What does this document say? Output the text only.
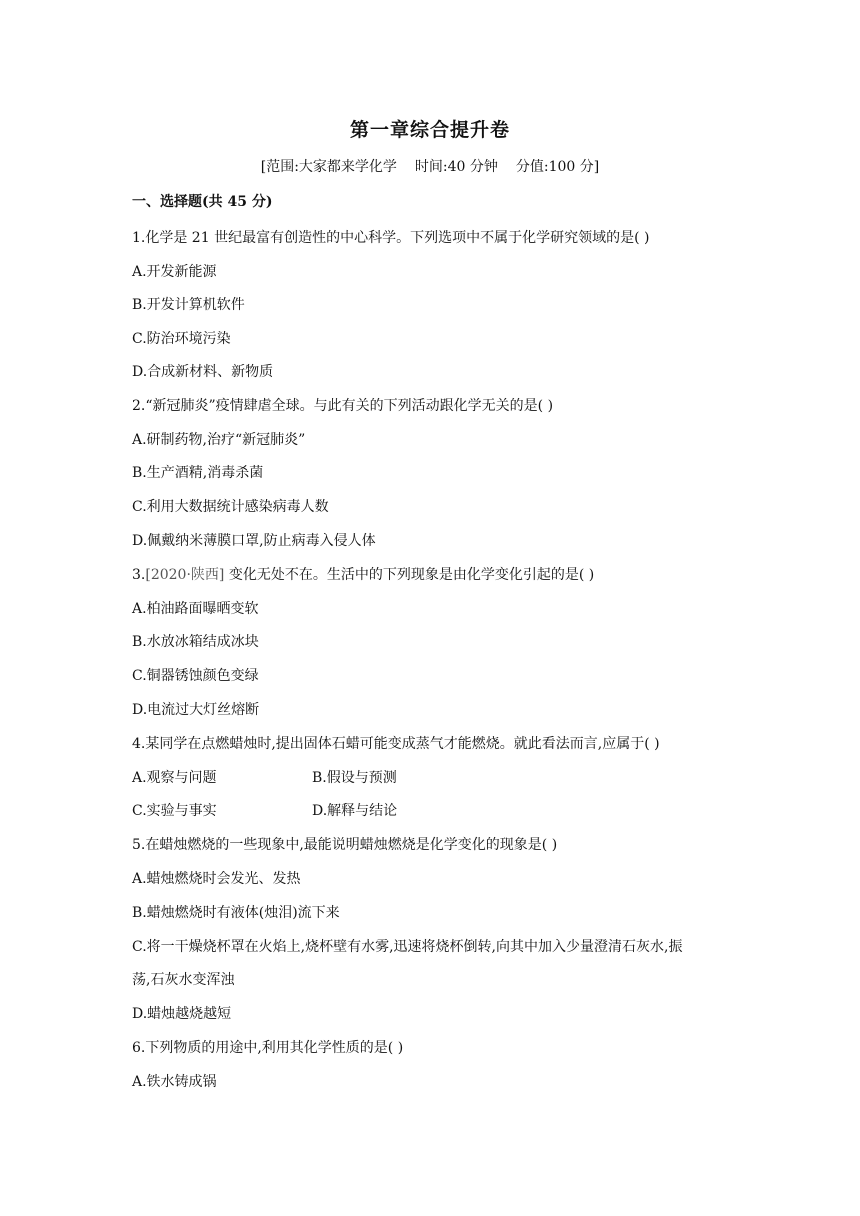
第一章综合提升卷
[范围:大家都来学化学 时间:40 分钟 分值:100 分]
一、选择题(共 45 分)
1.化学是 21 世纪最富有创造性的中心科学。下列选项中不属于化学研究领域的是( )
A.开发新能源
B.开发计算机软件
C.防治环境污染
D.合成新材料、新物质
2.“新冠肺炎”疫情肆虐全球。与此有关的下列活动跟化学无关的是( )
A.研制药物,治疗“新冠肺炎”
B.生产酒精,消毒杀菌
C.利用大数据统计感染病毒人数
D.佩戴纳米薄膜口罩,防止病毒入侵人体
3.[2020·陕西] 变化无处不在。生活中的下列现象是由化学变化引起的是( )
A.柏油路面曝晒变软
B.水放冰箱结成冰块
C.铜器锈蚀颜色变绿
D.电流过大灯丝熔断
4.某同学在点燃蜡烛时,提出固体石蜡可能变成蒸气才能燃烧。就此看法而言,应属于( )
A.观察与问题	B.假设与预测
C.实验与事实	D.解释与结论
5.在蜡烛燃烧的一些现象中,最能说明蜡烛燃烧是化学变化的现象是( )
A.蜡烛燃烧时会发光、发热
B.蜡烛燃烧时有液体(烛泪)流下来
C.将一干燥烧杯罩在火焰上,烧杯壁有水雾,迅速将烧杯倒转,向其中加入少量澄清石灰水,振
荡,石灰水变浑浊
D.蜡烛越烧越短
6.下列物质的用途中,利用其化学性质的是( )
A.铁水铸成锅
